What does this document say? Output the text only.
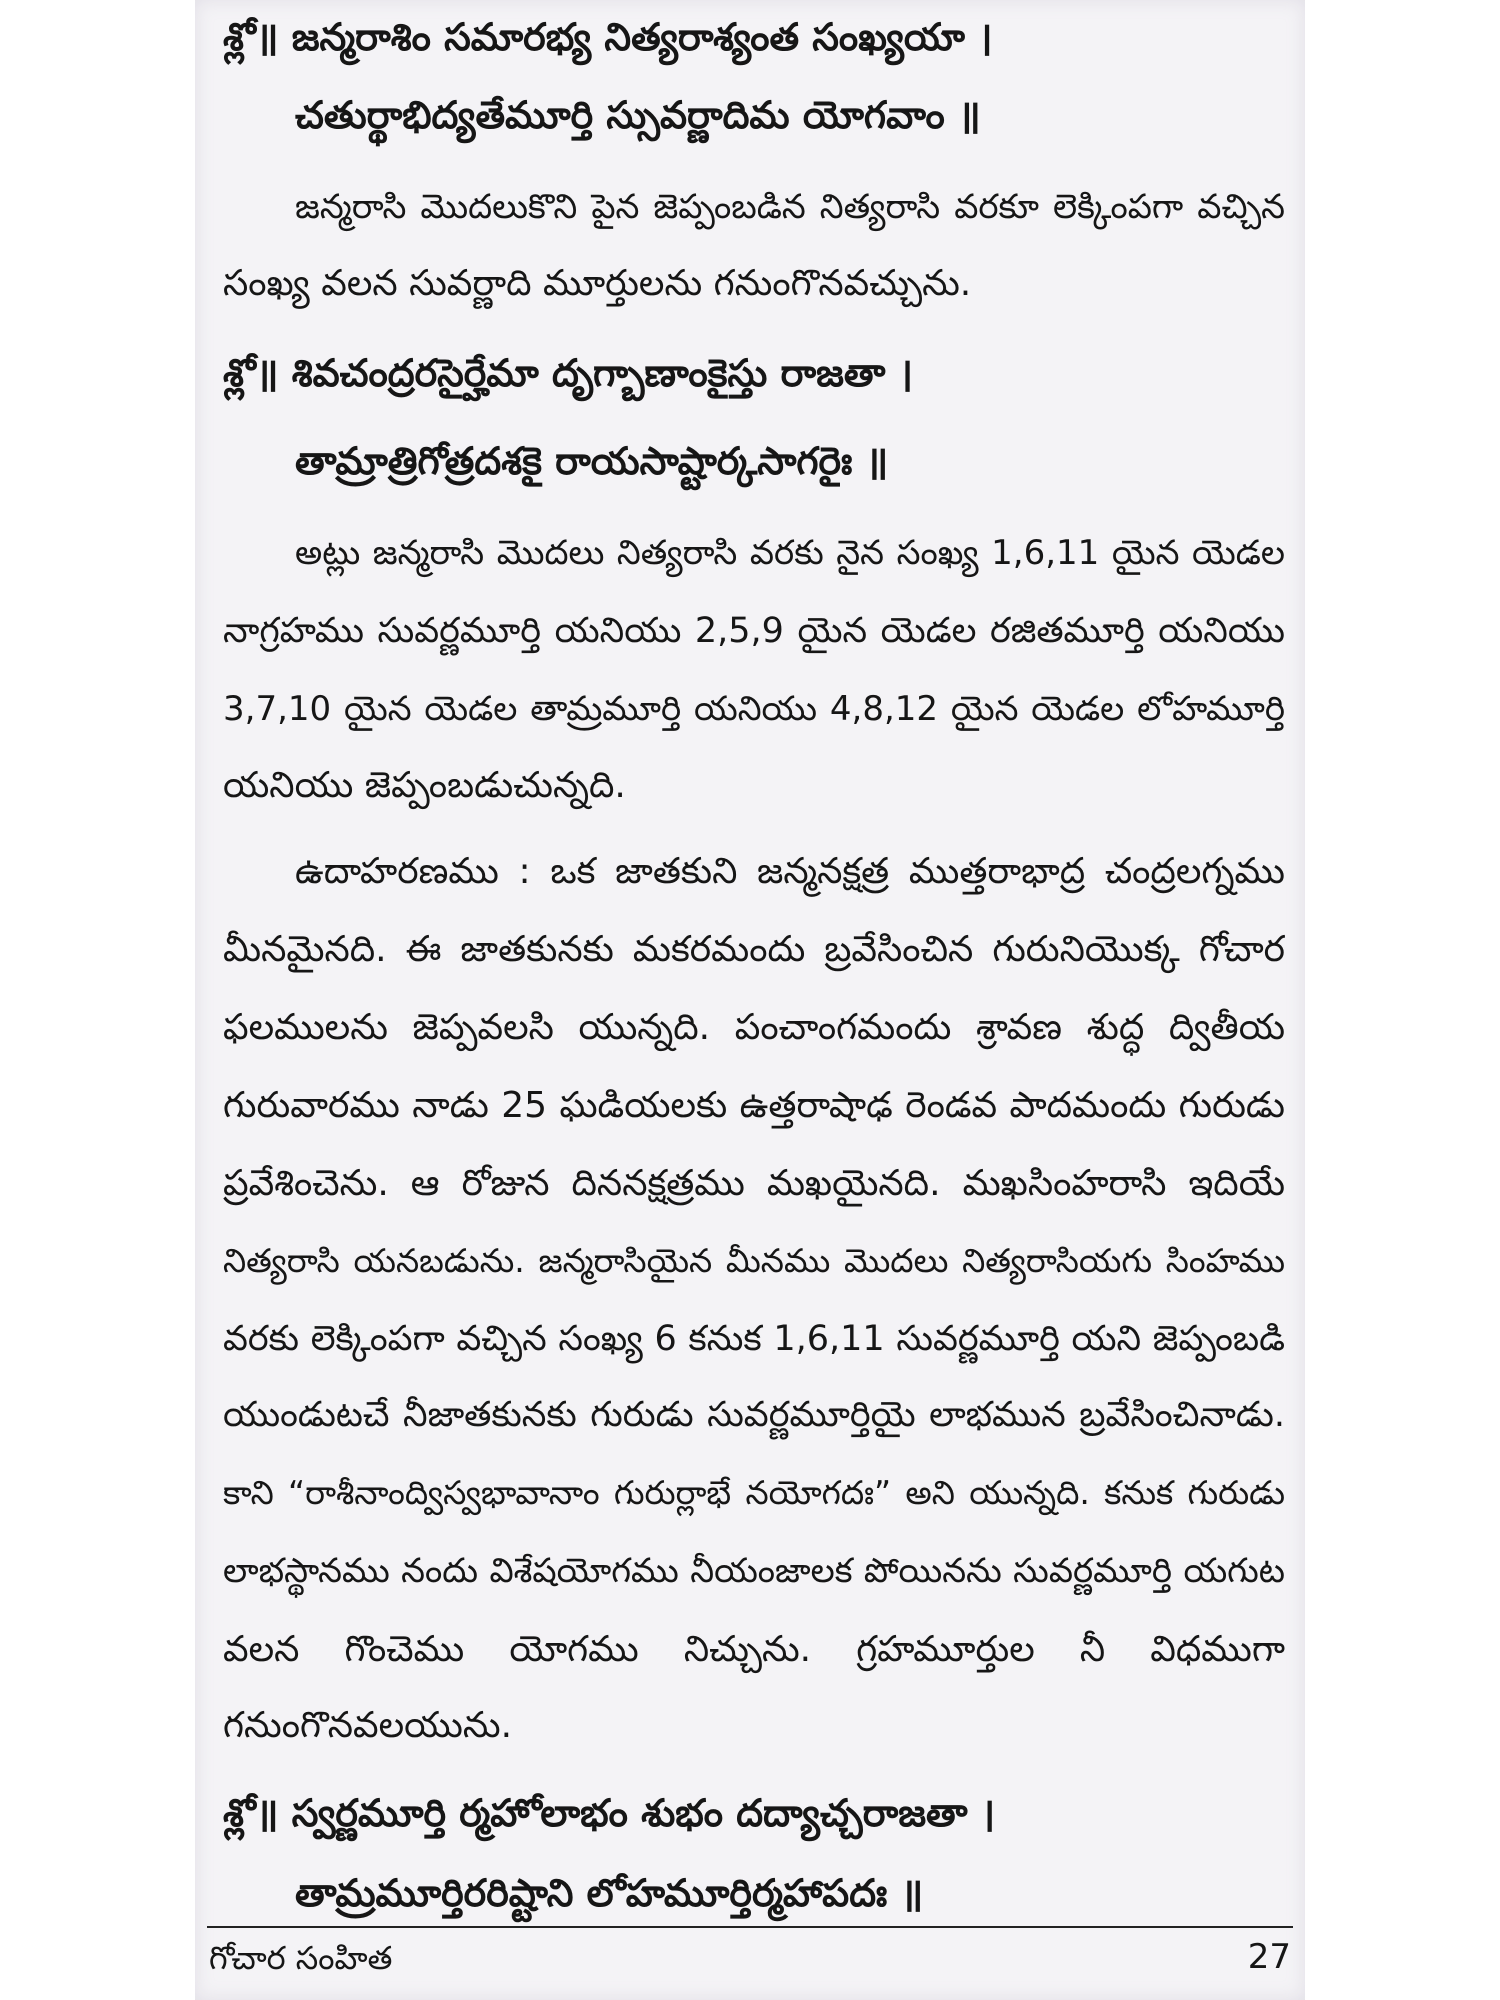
శ్లో॥ జన్మరాశిం సమారభ్య నిత్యరాశ్యంత సంఖ్యయా ।
చతుర్థాభిద్యతేమూర్తి స్సువర్ణాదిమ యోగవాం ॥
జన్మరాసి మొదలుకొని పైన జెప్పంబడిన నిత్యరాసి వరకూ లెక్కింపగా వచ్చిన
సంఖ్య వలన సువర్ణాది మూర్తులను గనుంగొనవచ్చును.
శ్లో॥ శివచంద్రరసైర్హేమా దృగ్బాణాంకైస్తు రాజతా ।
తామ్రాత్రిగోత్రదశకై రాయసాష్టార్కసాగరైః ॥
అట్లు జన్మరాసి మొదలు నిత్యరాసి వరకు నైన సంఖ్య 1,6,11 యైన యెడల
నాగ్రహము సువర్ణమూర్తి యనియు 2,5,9 యైన యెడల రజితమూర్తి యనియు
3,7,10 యైన యెడల తామ్రమూర్తి యనియు 4,8,12 యైన యెడల లోహమూర్తి
యనియు జెప్పంబడుచున్నది.
ఉదాహరణము : ఒక జాతకుని జన్మనక్షత్ర ముత్తరాభాద్ర చంద్రలగ్నము
మీనమైనది. ఈ జాతకునకు మకరమందు బ్రవేసించిన గురునియొక్క గోచార
ఫలములను జెప్పవలసి యున్నది. పంచాంగమందు శ్రావణ శుద్ధ ద్వితీయ
గురువారము నాడు 25 ఘడియలకు ఉత్తరాషాఢ రెండవ పాదమందు గురుడు
ప్రవేశించెను. ఆ రోజున దిననక్షత్రము మఖయైనది. మఖసింహరాసి ఇదియే
నిత్యరాసి యనబడును. జన్మరాసియైన మీనము మొదలు నిత్యరాసియగు సింహము
వరకు లెక్కింపగా వచ్చిన సంఖ్య 6 కనుక 1,6,11 సువర్ణమూర్తి యని జెప్పంబడి
యుండుటచే నీజాతకునకు గురుడు సువర్ణమూర్తియై లాభమున బ్రవేసించినాడు.
కాని “రాశీనాంద్విస్వభావానాం గురుర్లాభే నయోగదః” అని యున్నది. కనుక గురుడు
లాభస్థానము నందు విశేషయోగము నీయంజాలక పోయినను సువర్ణమూర్తి యగుట
వలన గొంచెము యోగము నిచ్చును. గ్రహమూర్తుల నీ విధముగా
గనుంగొనవలయును.
శ్లో॥ స్వర్ణమూర్తి ర్మహోలాభం శుభం దద్యాచ్చరాజతా ।
తామ్రమూర్తిరరిష్టాని లోహమూర్తిర్మహాపదః ॥
గోచార సంహిత	27
